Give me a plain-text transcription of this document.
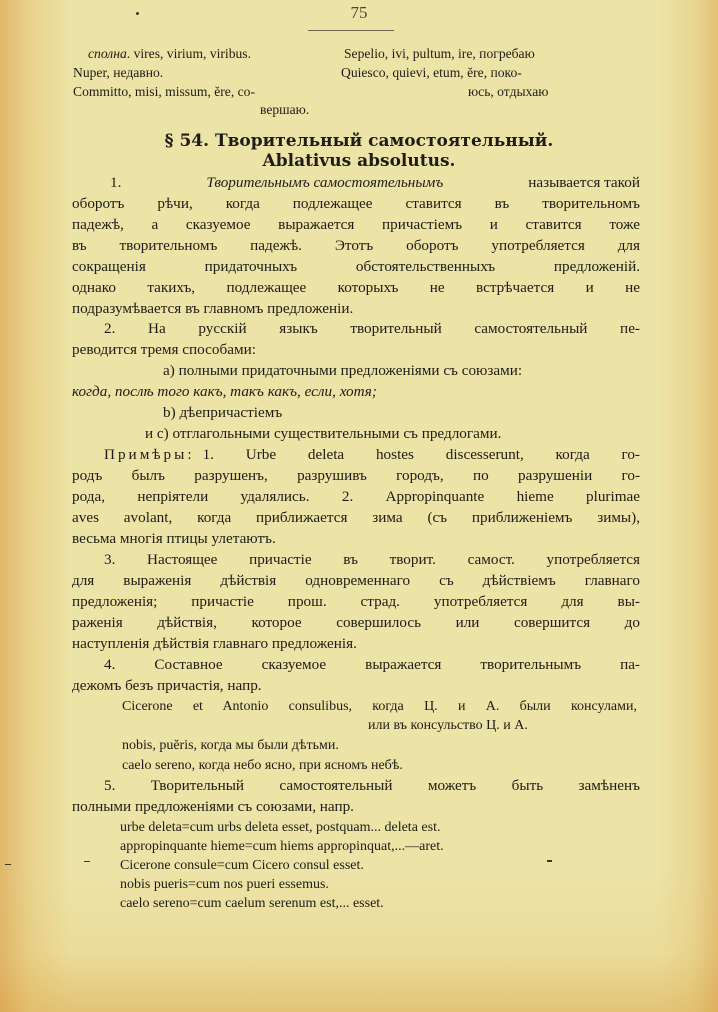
75
сполна. vires, virium, viribus.
Nuper, недавно.
Committo, misi, missum, ĕre, со-
вершаю.
Sepelio, ivi, pultum, ire, погребаю
Quiesco, quievi, etum, ĕre, поко-
юсь, отдыхаю
§ 54. Творительный самостоятельный.
Ablativus absolutus.
1.	Творительнымъ самостоятельнымъ	называется такой
оборотъ рѣчи, когда подлежащее ставится въ творительномъ
падежѣ, а сказуемое выражается причастіемъ и ставится тоже
въ творительномъ падежѣ. Этотъ оборотъ употребляется для
сокращенія придаточныхъ обстоятельственныхъ предложеній.
однако такихъ, подлежащее которыхъ не встрѣчается и не
подразумѣвается въ главномъ предложеніи.
2. На русскій языкъ творительный самостоятельный пе-
реводится тремя способами:
a) полными придаточными предложеніями съ союзами:
когда, послѣ того какъ, такъ какъ, если, хотя;
b) дѣепричастіемъ
и c) отглагольными существительными съ предлогами.
Примѣры: 1. Urbe deleta hostes discesserunt, когда го-
родъ былъ разрушенъ, разрушивъ городъ, по разрушеніи го-
рода, непріятели удалялись. 2. Appropinquante hieme plurimae
aves avolant, когда приближается зима (съ приближеніемъ зимы),
весьма многія птицы улетаютъ.
3. Настоящее причастіе въ творит. самост. употребляется
для выраженія дѣйствія одновременнаго съ дѣйствіемъ главнаго
предложенія; причастіе прош. страд. употребляется для вы-
раженія дѣйствія, которое совершилось или совершится до
наступленія дѣйствія главнаго предложенія.
4. Составное сказуемое выражается творительнымъ па-
дежомъ безъ причастія, напр.
Cicerone et Antonio consulibus, когда Ц. и А. были консулами,
или въ консульство Ц. и А.
nobis, puĕris, когда мы были дѣтьми.
caelo sereno, когда небо ясно, при ясномъ небѣ.
5. Творительный самостоятельный можетъ быть замѣненъ
полными предложеніями съ союзами, напр.
urbe deleta=cum urbs deleta esset, postquam... deleta est.
appropinquante hieme=cum hiems appropinquat,...—aret.
Cicerone consule=cum Cicero consul esset.
nobis pueris=cum nos pueri essemus.
caelo sereno=cum caelum serenum est,... esset.
